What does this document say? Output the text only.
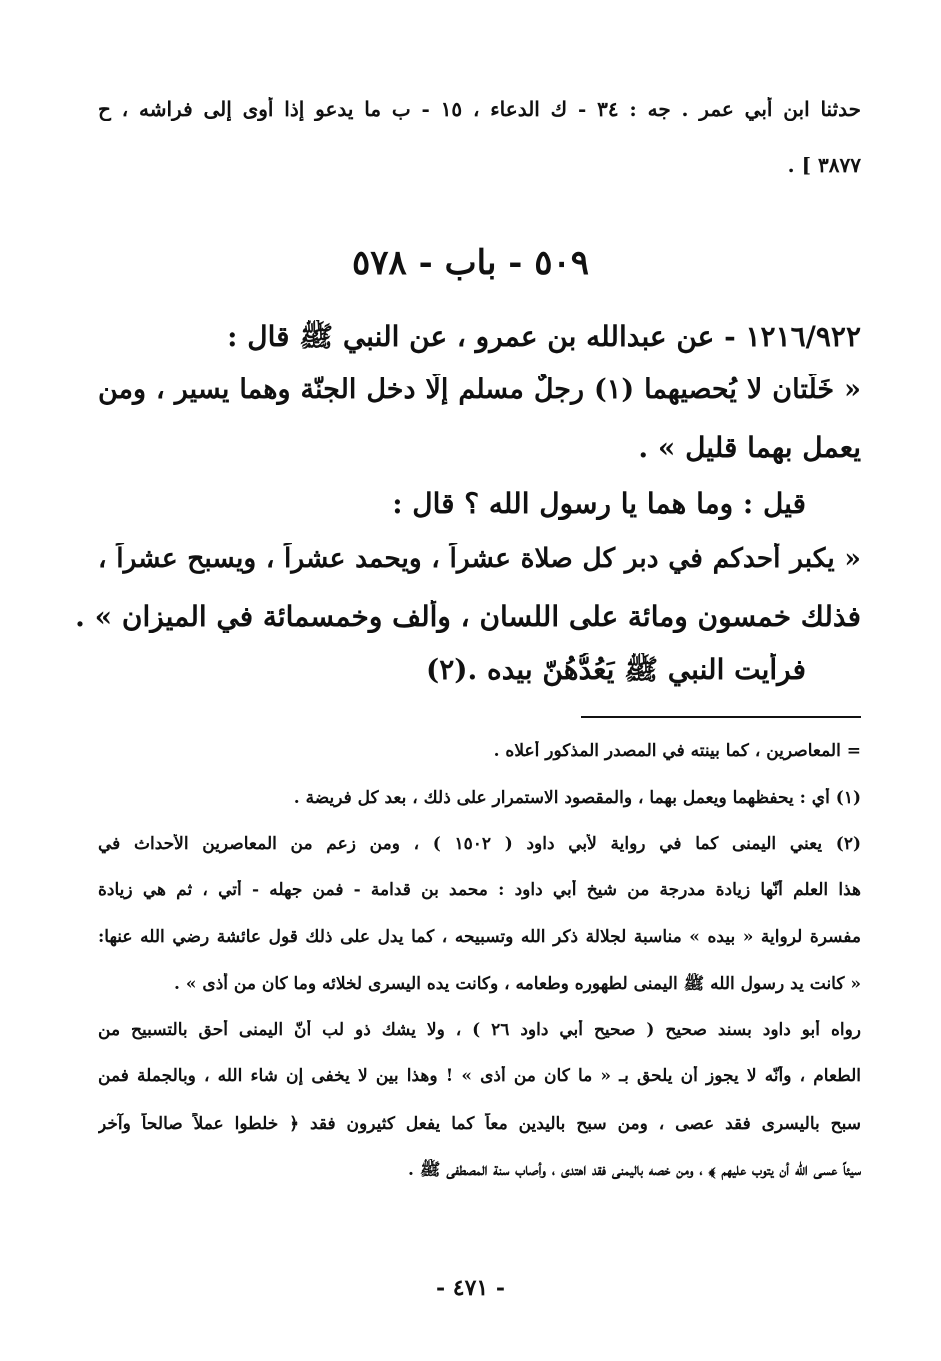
حدثنا ابن أبي عمر . جه : ٣٤ - ك الدعاء ، ١٥ - ب ما يدعو إذا أوى إلى فراشه ، ح
. [ ٣٨٧٧
٥٠٩ - باب - ٥٧٨
١٢١٦/٩٢٢ - عن عبدالله بن عمرو ، عن النبي ﷺ قال :
« خَلَّتان لا يُحصيهما (١) رجلٌ مسلم إلّا دخل الجنّة وهما يسير ، ومن
يعمل بهما قليل » .
قيل : وما هما يا رسول الله ؟ قال :
« يكبر أحدكم في دبر كل صلاة عشراً ، ويحمد عشراً ، ويسبح عشراً ،
فذلك خمسون ومائة على اللسان ، وألف وخمسمائة في الميزان » .
فرأيت النبي ﷺ يَعُدُّهُنّ بيده .(٢)
= المعاصرين ، كما بينته في المصدر المذكور أعلاه .
(١) أي : يحفظهما ويعمل بهما ، والمقصود الاستمرار على ذلك ، بعد كل فريضة .
(٢) يعني اليمنى كما في رواية لأبي داود ( ١٥٠٢ ) ، ومن زعم من المعاصرين الأحداث في
هذا العلم أنّها زيادة مدرجة من شيخ أبي داود : محمد بن قدامة - فمن جهله - أتي ، ثم هي زيادة
مفسرة لرواية « بيده » مناسبة لجلالة ذكر الله وتسبيحه ، كما يدل على ذلك قول عائشة رضي الله عنها:
« كانت يد رسول الله ﷺ اليمنى لطهوره وطعامه ، وكانت يده اليسرى لخلائه وما كان من أذى » .
رواه أبو داود بسند صحيح ( صحيح أبي داود ٢٦ ) ، ولا يشك ذو لب أنّ اليمنى أحق بالتسبيح من
الطعام ، وأنّه لا يجوز أن يلحق بـ « ما كان من أذى » ! وهذا بين لا يخفى إن شاء الله ، وبالجملة فمن
سبح باليسرى فقد عصى ، ومن سبح باليدين معاً كما يفعل كثيرون فقد ﴿ خلطوا عملاً صالحاً وآخر
سيئاً عسى الله أن يتوب عليهم ﴾ ، ومن خصه باليمنى فقد اهتدى ، وأصاب سنة المصطفى ﷺ .
- ٤٧١ -
